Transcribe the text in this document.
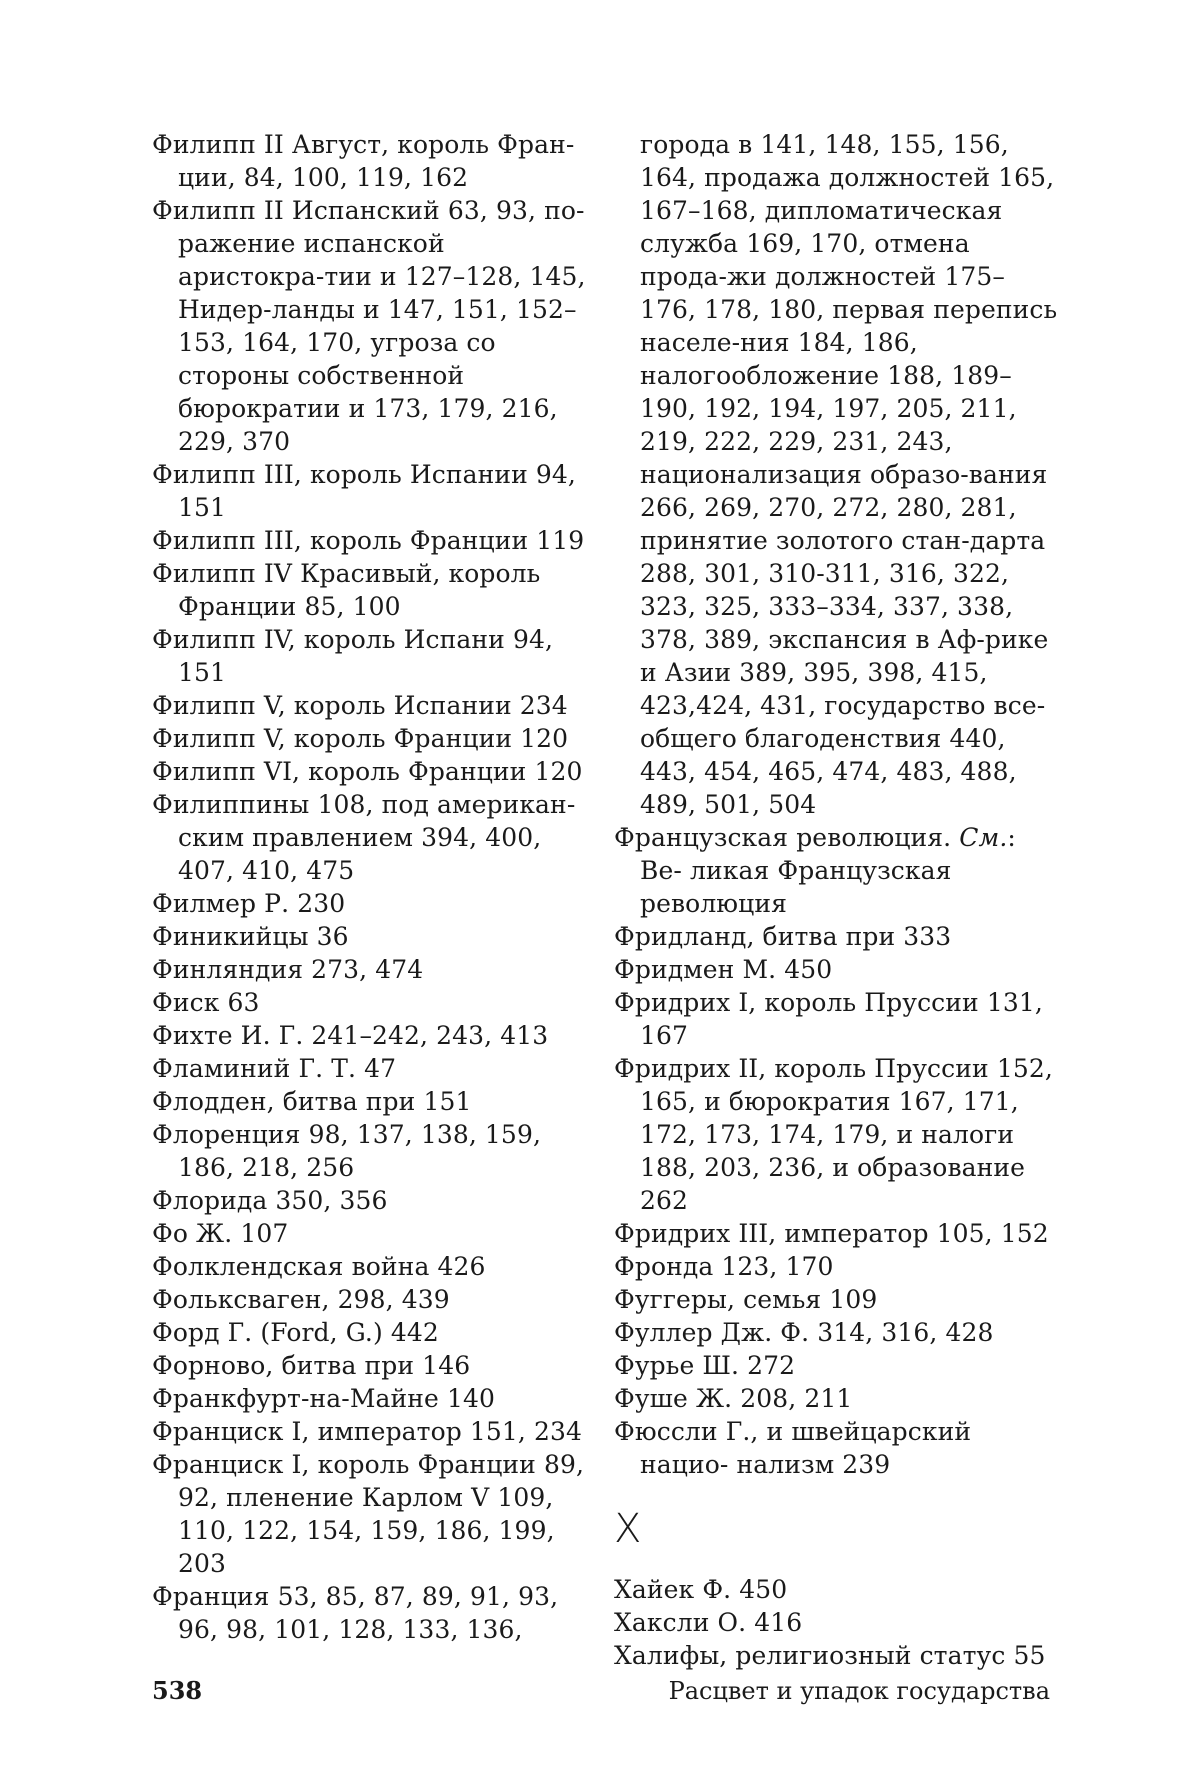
Филипп II Август, король Фран- ции, 84, 100, 119, 162

Филипп II Испанский 63, 93, по- ражение испанской аристокра-тии и 127–128, 145, Нидер-ланды и 147, 151, 152–153, 164, 170, угроза со стороны собственной бюрократии и 173, 179, 216, 229, 370

Филипп III, король Испании 94, 151

Филипп III, король Франции 119

Филипп IV Красивый, король Франции 85, 100

Филипп IV, король Испани 94, 151

Филипп V, король Испании 234

Филипп V, король Франции 120

Филипп VI, король Франции 120

Филиппины 108, под американ- ским правлением 394, 400, 407, 410, 475

Филмер Р. 230

Финикийцы 36

Финляндия 273, 474

Фиск 63

Фихте И. Г. 241–242, 243, 413

Фламиний Г. Т. 47

Флодден, битва при 151

Флоренция 98, 137, 138, 159, 186, 218, 256

Флорида 350, 356

Фо Ж. 107

Фолклендская война 426

Фольксваген, 298, 439

Форд Г. (Ford, G.) 442

Форново, битва при 146

Франкфурт-на-Майне 140

Франциск I, император 151, 234

Франциск I, король Франции 89, 92, пленение Карлом V 109, 110, 122, 154, 159, 186, 199, 203

Франция 53, 85, 87, 89, 91, 93, 96, 98, 101, 128, 133, 136,

города в 141, 148, 155, 156, 164, продажа должностей 165, 167–168, дипломатическая служба 169, 170, отмена прода-жи должностей 175–176, 178, 180, первая перепись населе-ния 184, 186, налогообложение 188, 189–190, 192, 194, 197, 205, 211, 219, 222, 229, 231, 243, национализация образо-вания 266, 269, 270, 272, 280, 281, принятие золотого стан-дарта 288, 301, 310-311, 316, 322, 323, 325, 333–334, 337, 338, 378, 389, экспансия в Аф-рике и Азии 389, 395, 398, 415, 423,424, 431, государство все-общего благоденствия 440, 443, 454, 465, 474, 483, 488, 489, 501, 504

Французская революция. См.: Ве- ликая Французская революция

Фридланд, битва при 333

Фридмен М. 450

Фридрих I, король Пруссии 131, 167

Фридрих II, король Пруссии 152, 165, и бюрократия 167, 171, 172, 173, 174, 179, и налоги 188, 203, 236, и образование 262

Фридрих III, император 105, 152

Фронда 123, 170

Фуггеры, семья 109

Фуллер Дж. Ф. 314, 316, 428

Фурье Ш. 272

Фуше Ж. 208, 211

Фюссли Г., и швейцарский нацио- нализм 239

Х

Хайек Ф. 450

Хаксли О. 416

Халифы, религиозный статус 55

538	Расцвет и упадок государства
